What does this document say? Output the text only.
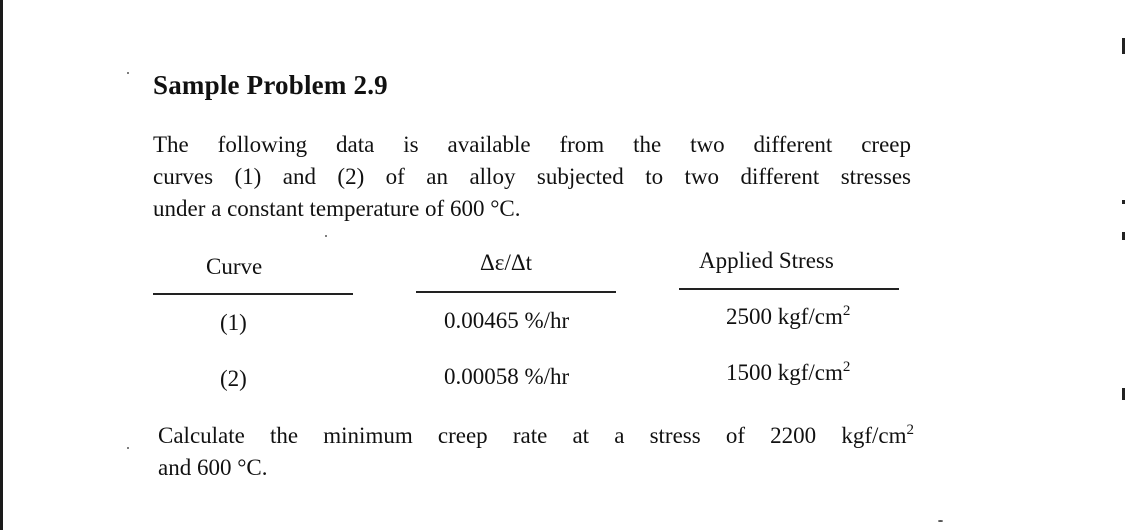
Sample Problem 2.9
The following data is available from the two different creep
curves (1) and (2) of an alloy subjected to two different stresses
under a constant temperature of 600 °C.
Curve	Δε/Δt	Applied Stress
(1)	0.00465 %/hr	2500 kgf/$cm^2$
(2)	0.00058 %/hr	1500 kgf/$cm^2$
Calculate the minimum creep rate at a stress of 2200 kgf/$cm^2$
and 600 °C.
